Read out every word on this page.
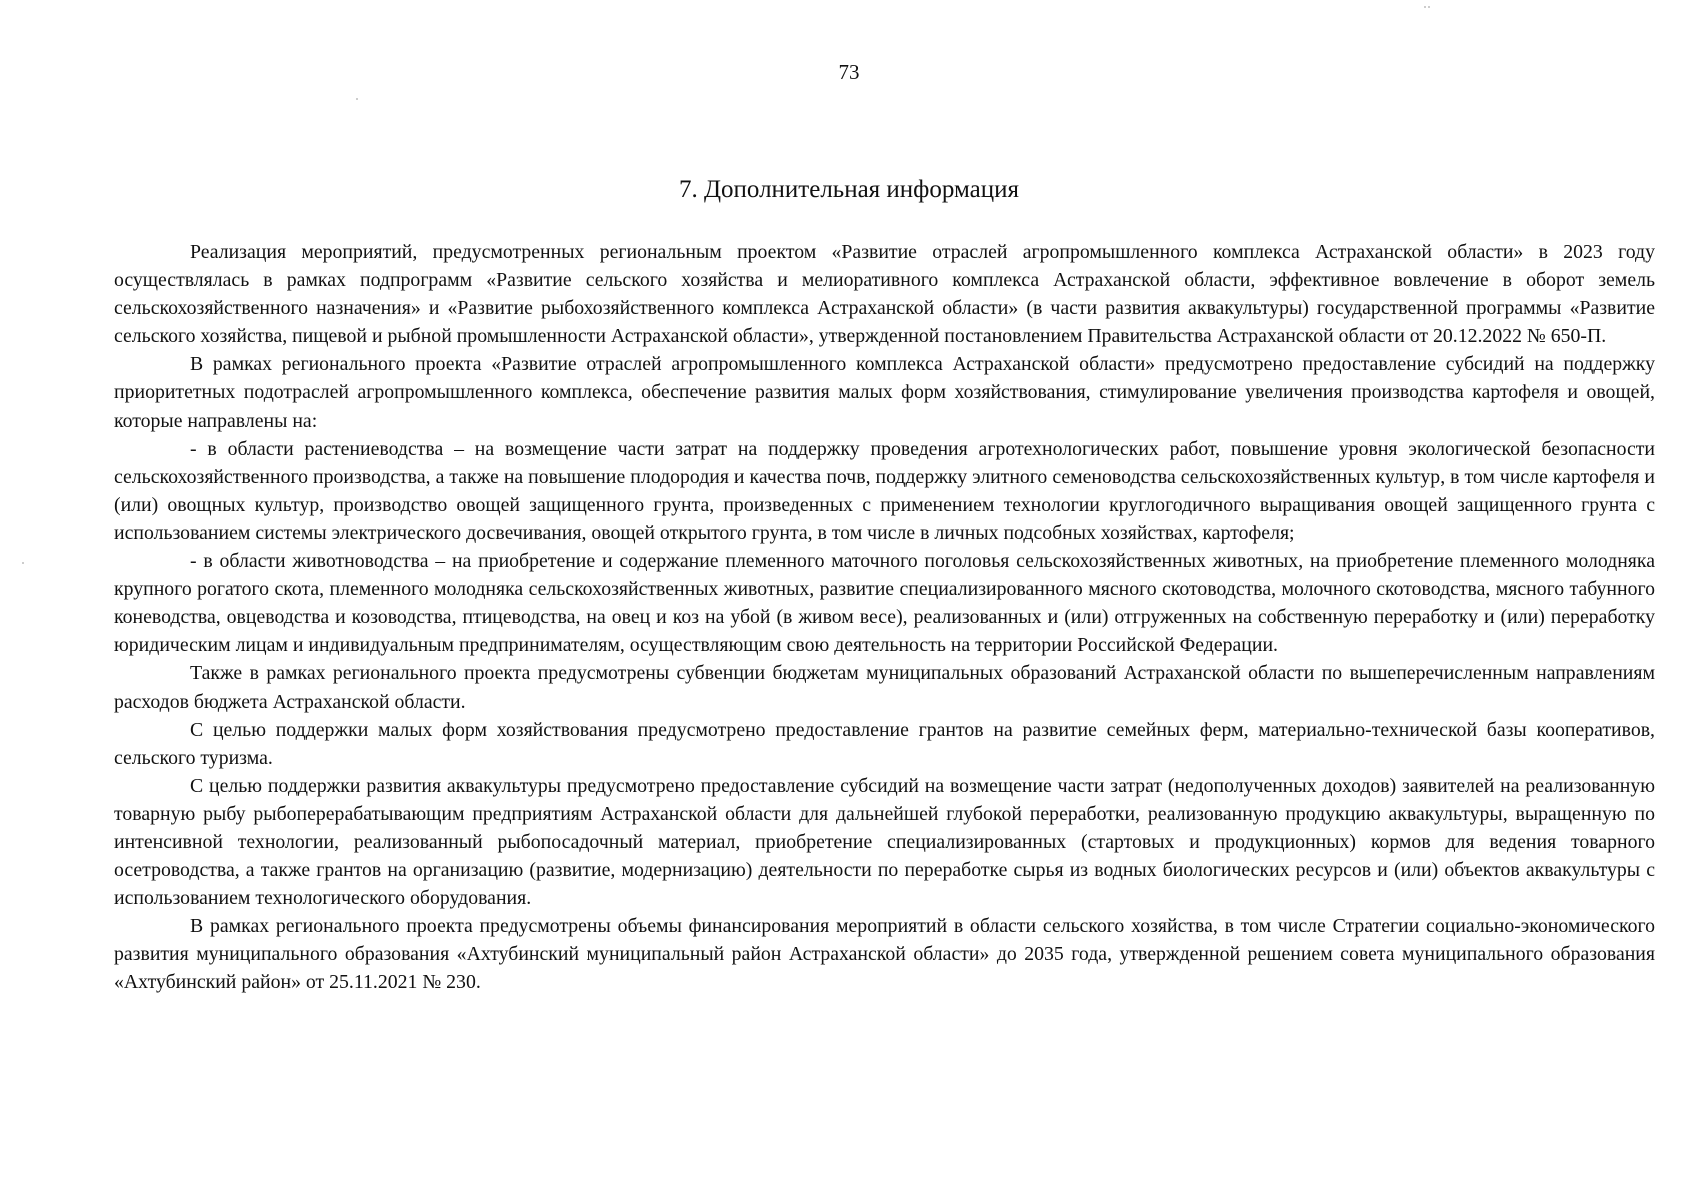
73
7. Дополнительная информация

Реализация мероприятий, предусмотренных региональным проектом «Развитие отраслей агропромышленного комплекса Астраханской области» в 2023 году осуществлялась в рамках подпрограмм «Развитие сельского хозяйства и мелиоративного комплекса Астраханской области, эффективное вовлечение в оборот земель сельскохозяйственного назначения» и «Развитие рыбохозяйственного комплекса Астраханской области» (в части развития аквакультуры) государственной программы «Развитие сельского хозяйства, пищевой и рыбной промышленности Астраханской области», утвержденной постановлением Правительства Астраханской области от 20.12.2022 № 650-П.

В рамках регионального проекта «Развитие отраслей агропромышленного комплекса Астраханской области» предусмотрено предоставление субсидий на поддержку приоритетных подотраслей агропромышленного комплекса, обеспечение развития малых форм хозяйствования, стимулирование увеличения производства картофеля и овощей, которые направлены на:

- в области растениеводства – на возмещение части затрат на поддержку проведения агротехнологических работ, повышение уровня экологической безопасности сельскохозяйственного производства, а также на повышение плодородия и качества почв, поддержку элитного семеноводства сельскохозяйственных культур, в том числе картофеля и (или) овощных культур, производство овощей защищенного грунта, произведенных с применением технологии круглогодичного выращивания овощей защищенного грунта с использованием системы электрического досвечивания, овощей открытого грунта, в том числе в личных подсобных хозяйствах, картофеля;

- в области животноводства – на приобретение и содержание племенного маточного поголовья сельскохозяйственных животных, на приобретение племенного молодняка крупного рогатого скота, племенного молодняка сельскохозяйственных животных, развитие специализированного мясного скотоводства, молочного скотоводства, мясного табунного коневодства, овцеводства и козоводства, птицеводства, на овец и коз на убой (в живом весе), реализованных и (или) отгруженных на собственную переработку и (или) переработку юридическим лицам и индивидуальным предпринимателям, осуществляющим свою деятельность на территории Российской Федерации.

Также в рамках регионального проекта предусмотрены субвенции бюджетам муниципальных образований Астраханской области по вышеперечисленным направлениям расходов бюджета Астраханской области.

С целью поддержки малых форм хозяйствования предусмотрено предоставление грантов на развитие семейных ферм, материально-технической базы кооперативов, сельского туризма.

С целью поддержки развития аквакультуры предусмотрено предоставление субсидий на возмещение части затрат (недополученных доходов) заявителей на реализованную товарную рыбу рыбоперерабатывающим предприятиям Астраханской области для дальнейшей глубокой переработки, реализованную продукцию аквакультуры, выращенную по интенсивной технологии, реализованный рыбопосадочный материал, приобретение специализированных (стартовых и продукционных) кормов для ведения товарного осетроводства, а также грантов на организацию (развитие, модернизацию) деятельности по переработке сырья из водных биологических ресурсов и (или) объектов аквакультуры с использованием технологического оборудования.

В рамках регионального проекта предусмотрены объемы финансирования мероприятий в области сельского хозяйства, в том числе Стратегии социально-экономического развития муниципального образования «Ахтубинский муниципальный район Астраханской области» до 2035 года, утвержденной решением совета муниципального образования «Ахтубинский район» от 25.11.2021 № 230.
